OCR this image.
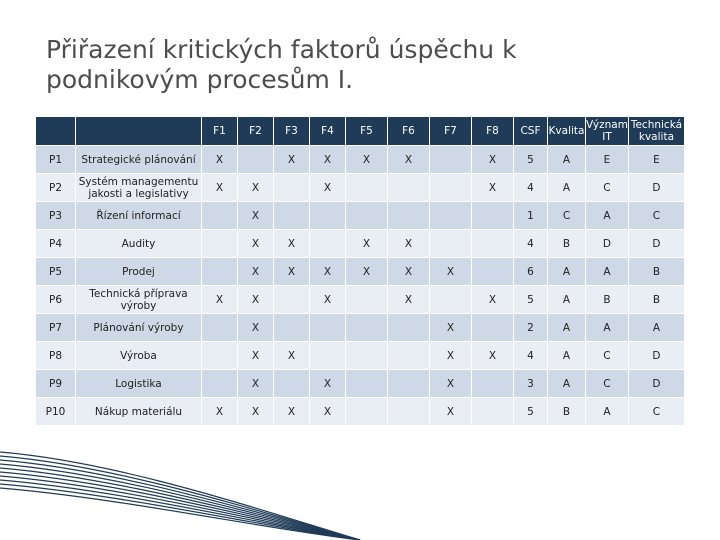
Přiřazení kritických faktorů úspěchu k
podnikovým procesům I.
		F1	F2	F3	F4	F5	F6	F7	F8	CSF	Kvalita	Význam IT	Technická kvalita
P1	Strategické plánování	X		X	X	X	X		X	5	A	E	E
P2	Systém managementu jakosti a legislativy	X	X		X				X	4	A	C	D
P3	Řízení informací		X							1	C	A	C
P4	Audity		X	X		X	X			4	B	D	D
P5	Prodej		X	X	X	X	X	X		6	A	A	B
P6	Technická příprava výroby	X	X		X		X		X	5	A	B	B
P7	Plánování výroby		X					X		2	A	A	A
P8	Výroba		X	X				X	X	4	A	C	D
P9	Logistika		X		X			X		3	A	C	D
P10	Nákup materiálu	X	X	X	X			X		5	B	A	C
